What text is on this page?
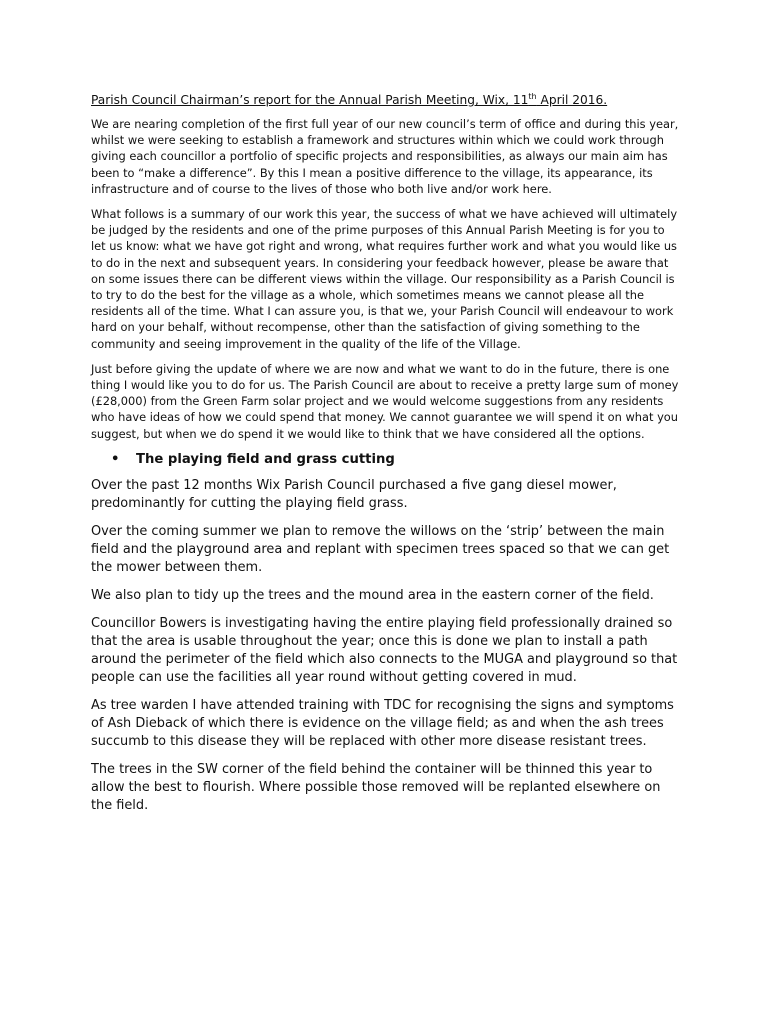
Parish Council Chairman’s report for the Annual Parish Meeting, Wix, 11th April 2016.

We are nearing completion of the first full year of our new council’s term of office and during this year, whilst we were seeking to establish a framework and structures within which we could work through giving each councillor a portfolio of specific projects and responsibilities, as always our main aim has been to “make a difference”. By this I mean a positive difference to the village, its appearance, its infrastructure and of course to the lives of those who both live and/or work here.

What follows is a summary of our work this year, the success of what we have achieved will ultimately be judged by the residents and one of the prime purposes of this Annual Parish Meeting is for you to let us know: what we have got right and wrong, what requires further work and what you would like us to do in the next and subsequent years. In considering your feedback however, please be aware that on some issues there can be different views within the village. Our responsibility as a Parish Council is to try to do the best for the village as a whole, which sometimes means we cannot please all the residents all of the time. What I can assure you, is that we, your Parish Council will endeavour to work hard on your behalf, without recompense, other than the satisfaction of giving something to the community and seeing improvement in the quality of the life of the Village.

Just before giving the update of where we are now and what we want to do in the future, there is one thing I would like you to do for us. The Parish Council are about to receive a pretty large sum of money (£28,000) from the Green Farm solar project and we would welcome suggestions from any residents who have ideas of how we could spend that money. We cannot guarantee we will spend it on what you suggest, but when we do spend it we would like to think that we have considered all the options.

•	The playing field and grass cutting

Over the past 12 months Wix Parish Council purchased a five gang diesel mower, predominantly for cutting the playing field grass.

Over the coming summer we plan to remove the willows on the ‘strip’ between the main field and the playground area and replant with specimen trees spaced so that we can get the mower between them.

We also plan to tidy up the trees and the mound area in the eastern corner of the field.

Councillor Bowers is investigating having the entire playing field professionally drained so that the area is usable throughout the year; once this is done we plan to install a path around the perimeter of the field which also connects to the MUGA and playground so that people can use the facilities all year round without getting covered in mud.

As tree warden I have attended training with TDC for recognising the signs and symptoms of Ash Dieback of which there is evidence on the village field; as and when the ash trees succumb to this disease they will be replaced with other more disease resistant trees.

The trees in the SW corner of the field behind the container will be thinned this year to allow the best to flourish. Where possible those removed will be replanted elsewhere on the field.
